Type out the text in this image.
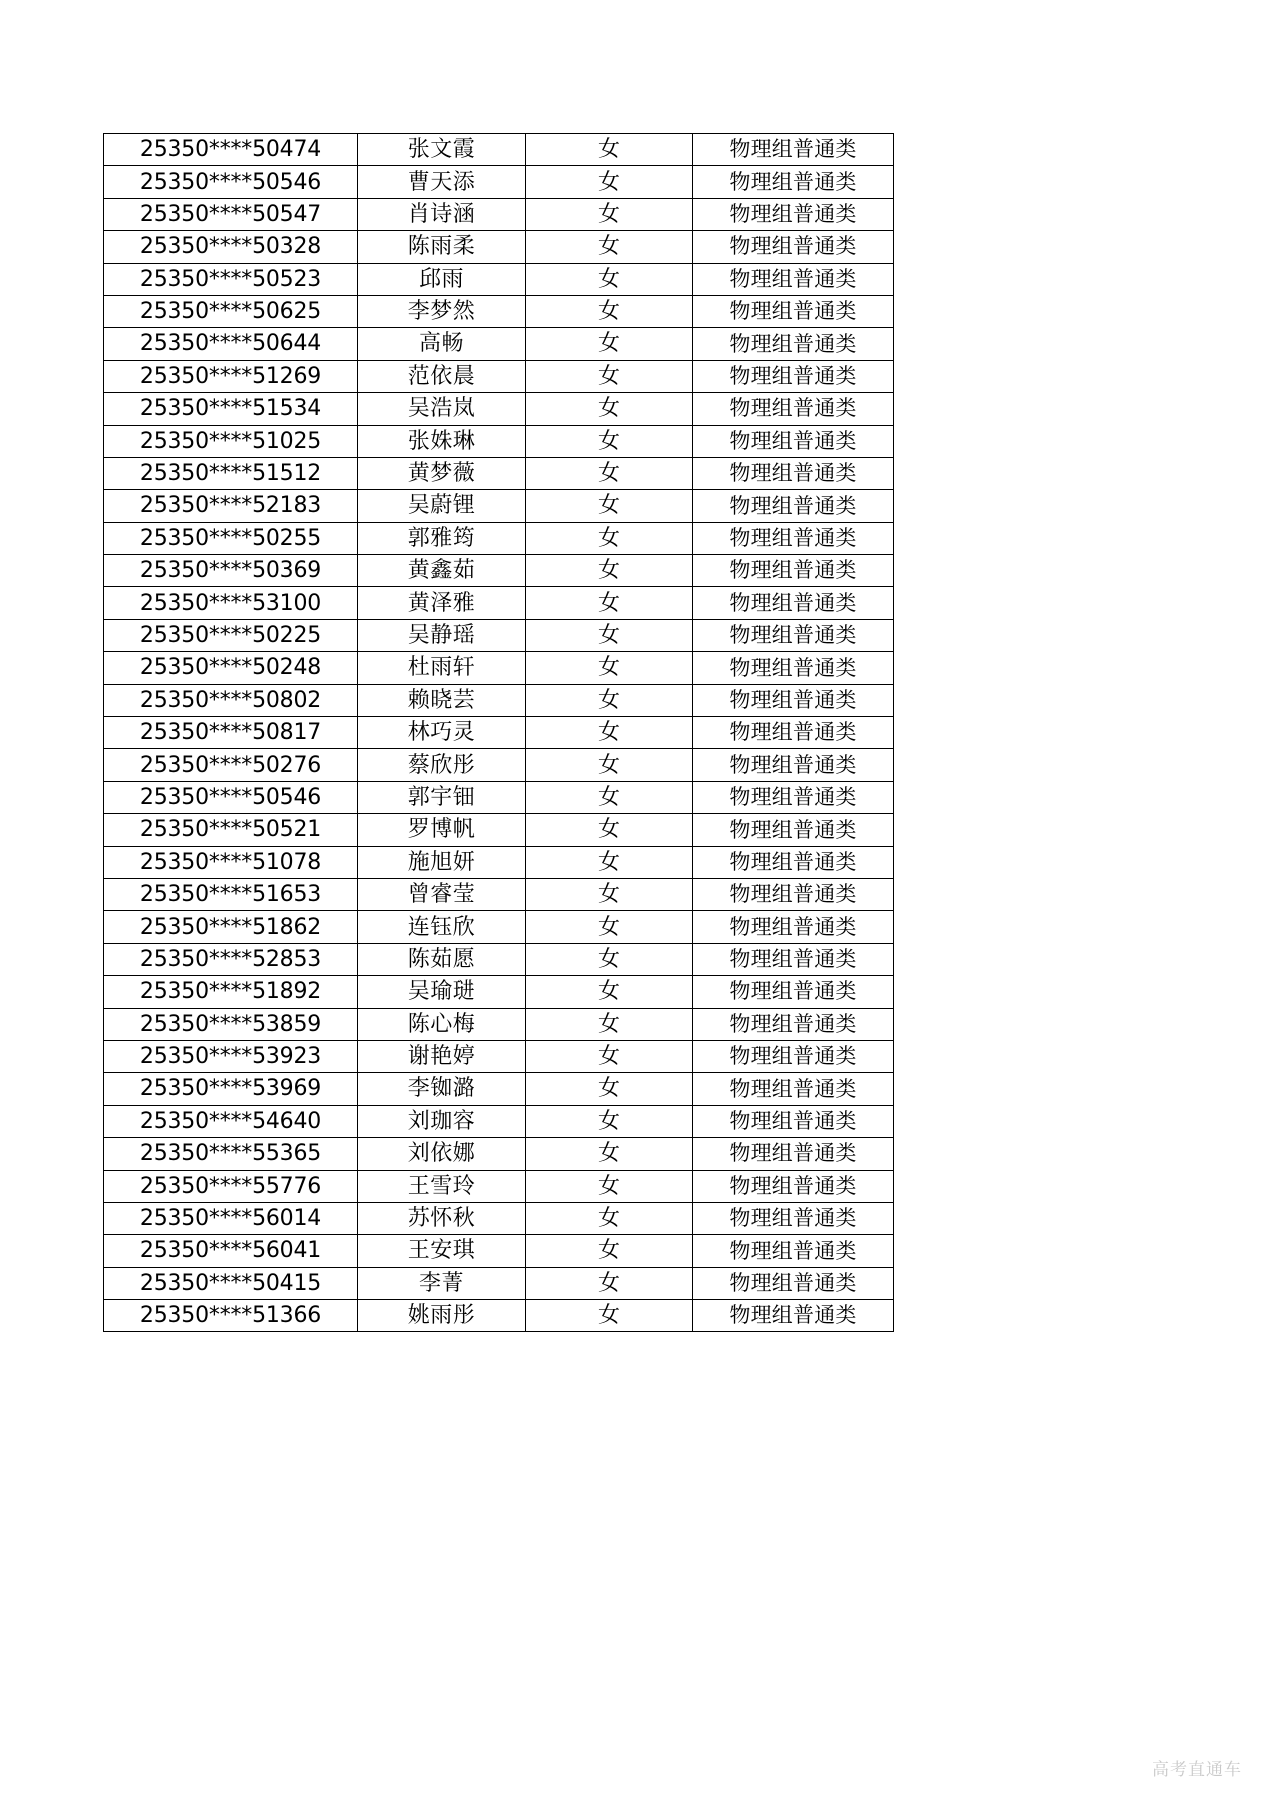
25350****50474	张文霞	女	物理组普通类
25350****50546	曹天添	女	物理组普通类
25350****50547	肖诗涵	女	物理组普通类
25350****50328	陈雨柔	女	物理组普通类
25350****50523	邱雨	女	物理组普通类
25350****50625	李梦然	女	物理组普通类
25350****50644	高畅	女	物理组普通类
25350****51269	范依晨	女	物理组普通类
25350****51534	吴浩岚	女	物理组普通类
25350****51025	张姝琳	女	物理组普通类
25350****51512	黄梦薇	女	物理组普通类
25350****52183	吴蔚锂	女	物理组普通类
25350****50255	郭雅筠	女	物理组普通类
25350****50369	黄鑫茹	女	物理组普通类
25350****53100	黄泽雅	女	物理组普通类
25350****50225	吴静瑶	女	物理组普通类
25350****50248	杜雨轩	女	物理组普通类
25350****50802	赖晓芸	女	物理组普通类
25350****50817	林巧灵	女	物理组普通类
25350****50276	蔡欣彤	女	物理组普通类
25350****50546	郭宇钿	女	物理组普通类
25350****50521	罗博帆	女	物理组普通类
25350****51078	施旭妍	女	物理组普通类
25350****51653	曾睿莹	女	物理组普通类
25350****51862	连钰欣	女	物理组普通类
25350****52853	陈茹愿	女	物理组普通类
25350****51892	吴瑜琎	女	物理组普通类
25350****53859	陈心梅	女	物理组普通类
25350****53923	谢艳婷	女	物理组普通类
25350****53969	李铷潞	女	物理组普通类
25350****54640	刘珈容	女	物理组普通类
25350****55365	刘依娜	女	物理组普通类
25350****55776	王雪玲	女	物理组普通类
25350****56014	苏怀秋	女	物理组普通类
25350****56041	王安琪	女	物理组普通类
25350****50415	李菁	女	物理组普通类
25350****51366	姚雨彤	女	物理组普通类
高考直通车
